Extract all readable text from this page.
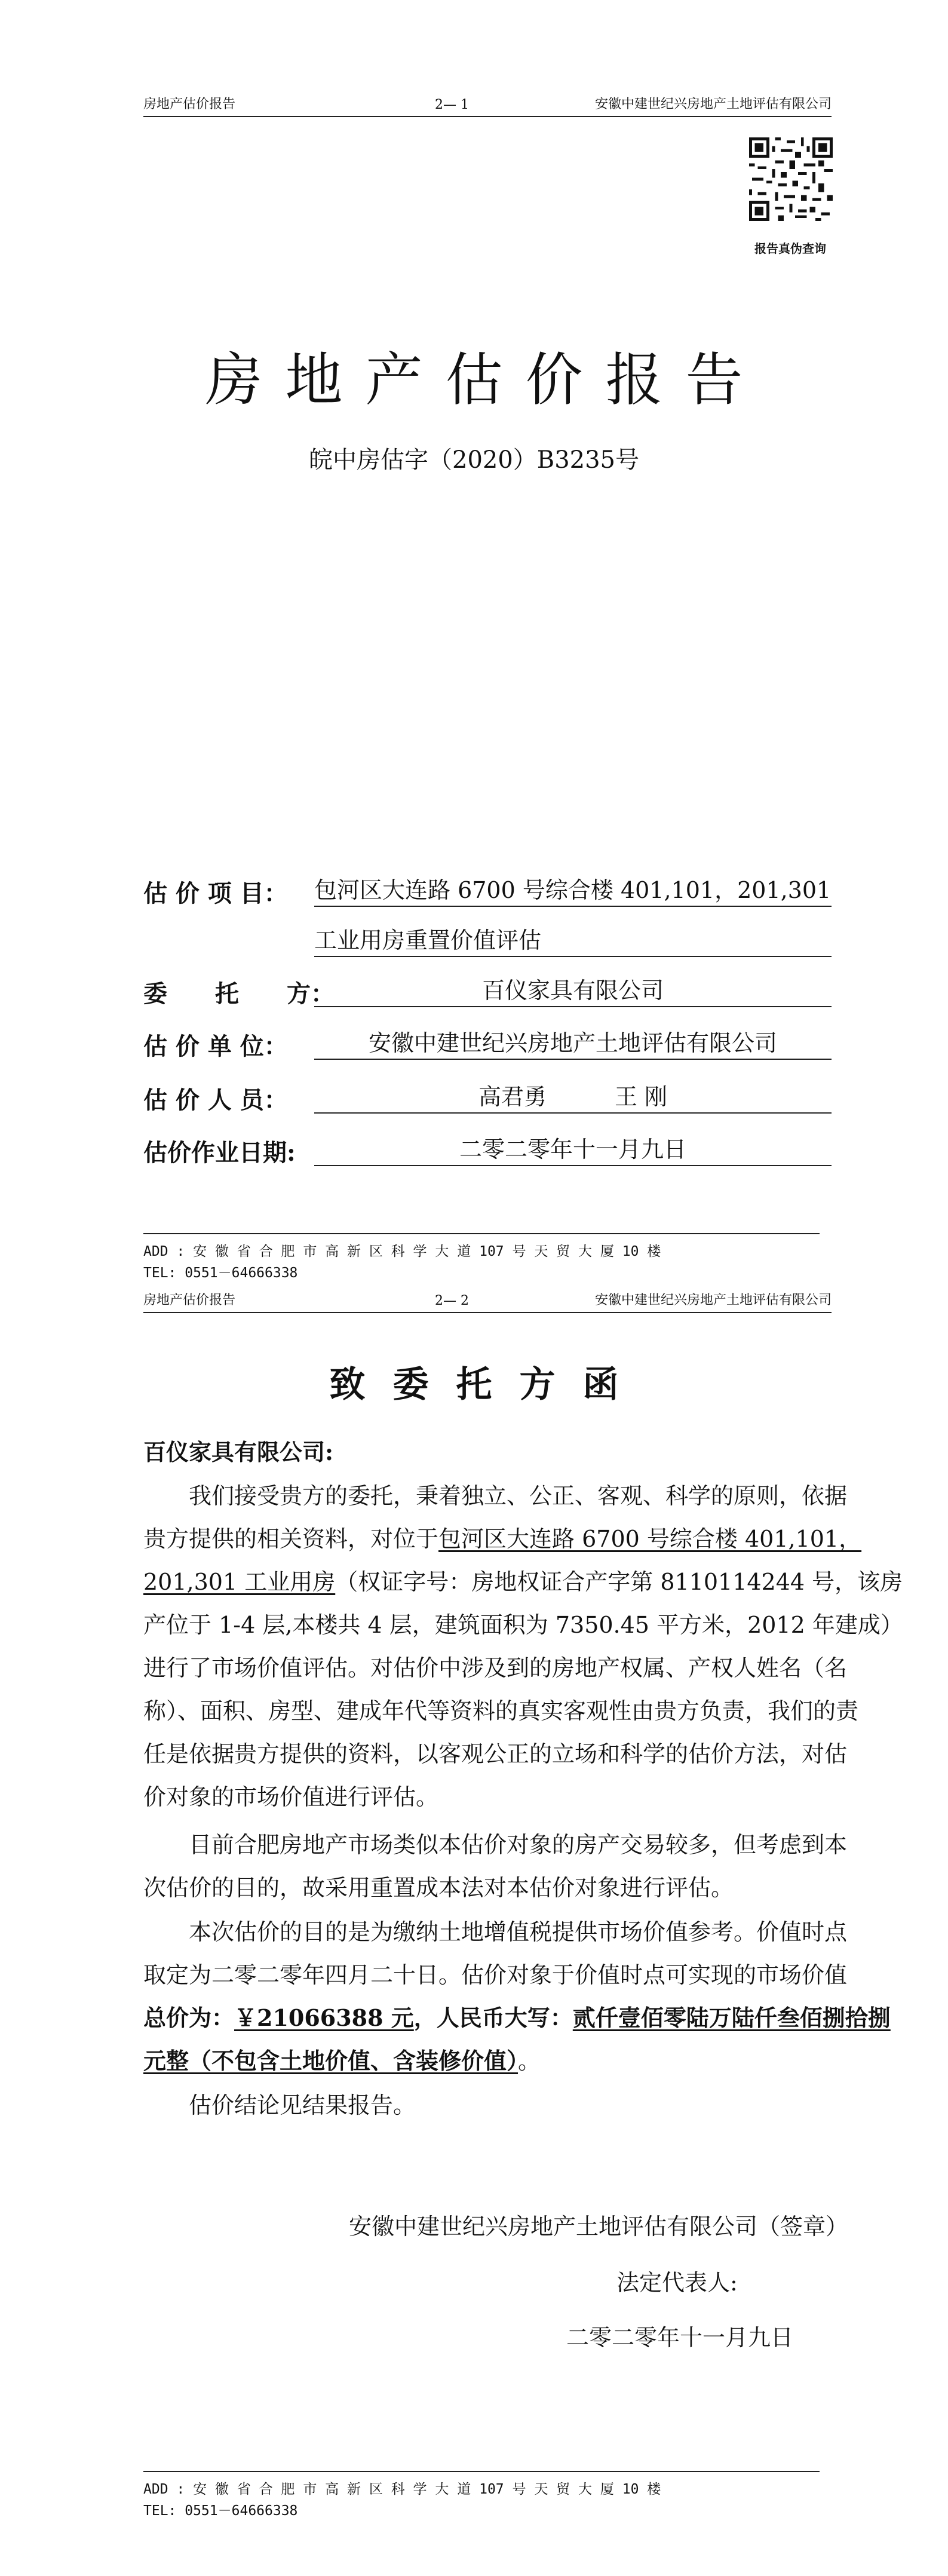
房地产估价报告	2— 1	安徽中建世纪兴房地产土地评估有限公司
报告真伪查询
房地产估价报告
皖中房估字（2020）B3235号
估 价 项 目： 包河区大连路 6700 号综合楼 401,101，201,301
工业用房重置价值评估
委　　托　　方：	百仪家具有限公司
估 价 单 位：	安徽中建世纪兴房地产土地评估有限公司
估 价 人 员：	高君勇　　　王 刚
估价作业日期:	二零二零年十一月九日
ADD : 安 徽 省 合 肥 市 高 新 区 科 学 大 道 107 号 天 贸 大 厦 10 楼
TEL: 0551－64666338
房地产估价报告	2— 2	安徽中建世纪兴房地产土地评估有限公司
致委托方函
百仪家具有限公司:
我们接受贵方的委托，秉着独立、公正、客观、科学的原则，依据
贵方提供的相关资料，对位于包河区大连路 6700 号综合楼 401,101，
201,301 工业用房（权证字号：房地权证合产字第 8110114244 号，该房
产位于 1-4 层,本楼共 4 层，建筑面积为 7350.45 平方米，2012 年建成）
进行了市场价值评估。对估价中涉及到的房地产权属、产权人姓名（名
称）、面积、房型、建成年代等资料的真实客观性由贵方负责，我们的责
任是依据贵方提供的资料，以客观公正的立场和科学的估价方法，对估
价对象的市场价值进行评估。
目前合肥房地产市场类似本估价对象的房产交易较多，但考虑到本
次估价的目的，故采用重置成本法对本估价对象进行评估。
本次估价的目的是为缴纳土地增值税提供市场价值参考。价值时点
取定为二零二零年四月二十日。估价对象于价值时点可实现的市场价值
总价为：￥21066388 元，人民币大写：贰仟壹佰零陆万陆仟叁佰捌拾捌
元整（不包含土地价值、含装修价值）。
估价结论见结果报告。
安徽中建世纪兴房地产土地评估有限公司（签章）
法定代表人:
二零二零年十一月九日
ADD : 安 徽 省 合 肥 市 高 新 区 科 学 大 道 107 号 天 贸 大 厦 10 楼
TEL: 0551－64666338
